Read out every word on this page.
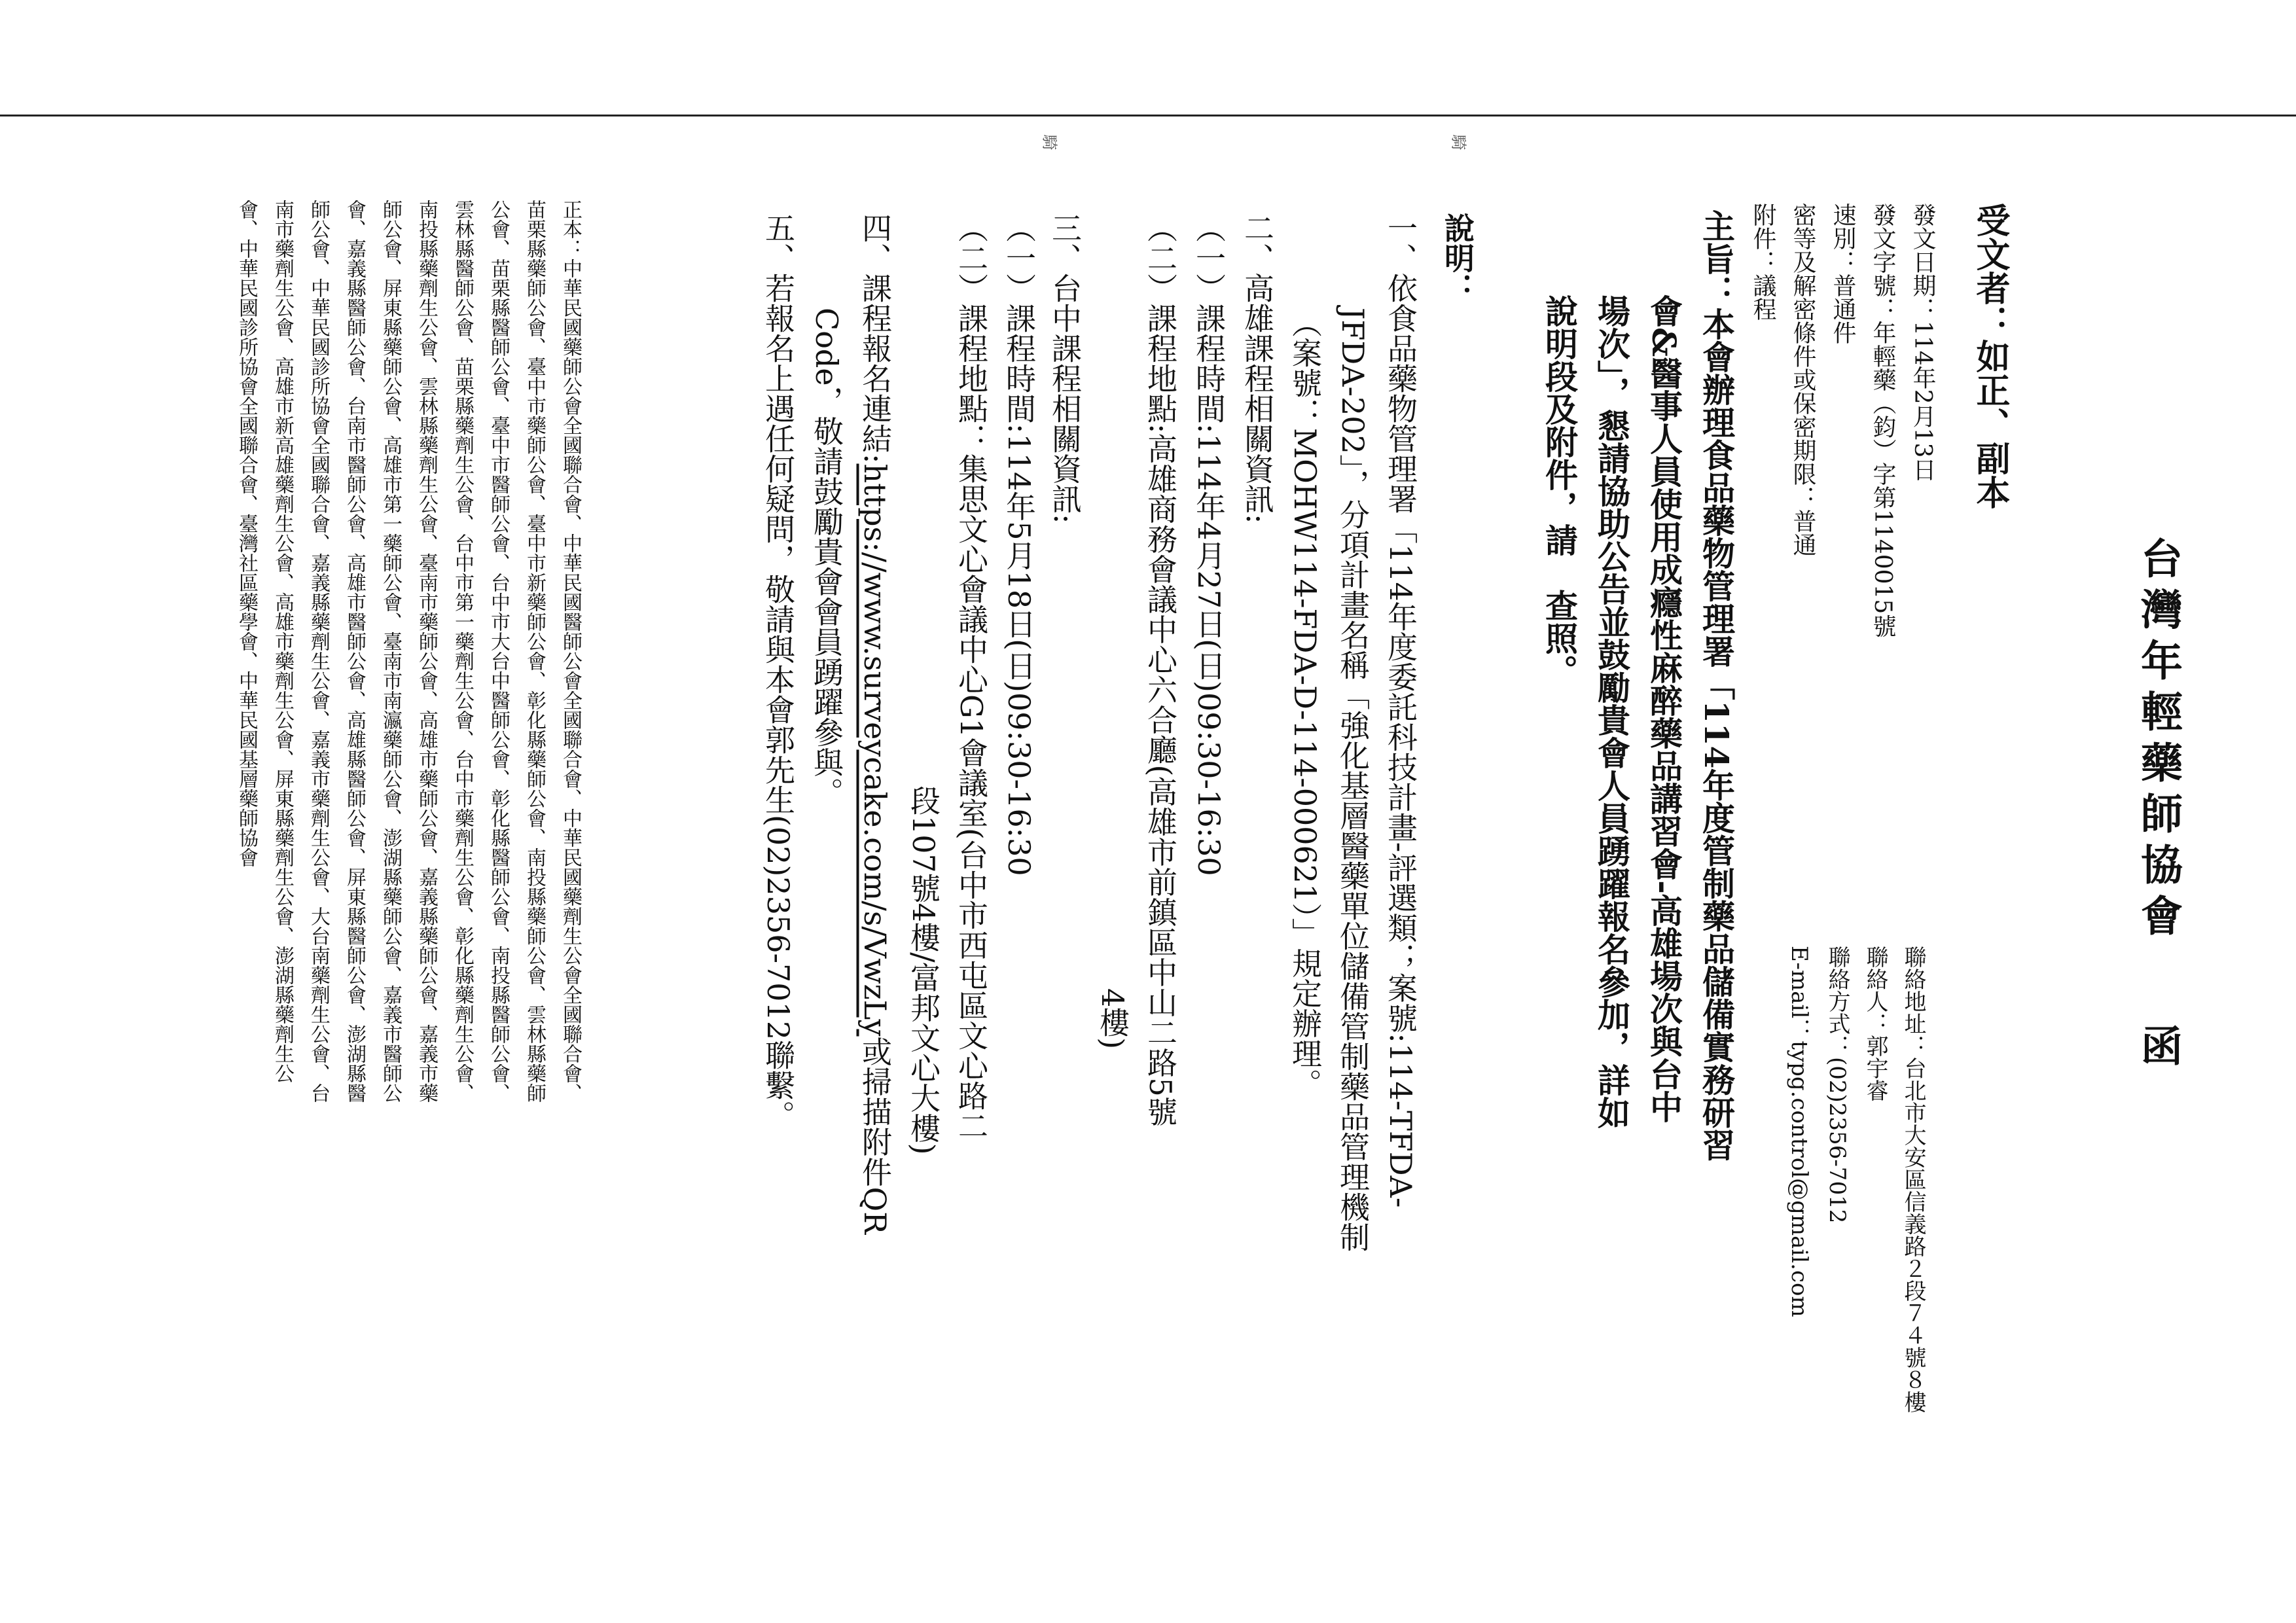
騎
騎
台灣年輕藥師協會 函
聯絡地址：台北市大安區信義路２段７４號８樓
聯絡人：郭宇睿
聯絡方式：(02)2356-7012
E-mail：typg.control@gmail.com
受文者：如正、副本
發文日期：114年2月13日
發文字號：年輕藥（鈞）字第1140015號
速別：普通件
密等及解密條件或保密期限：普通
附件：議程
主旨：本會辦理食品藥物管理署「114年度管制藥品儲備實務研習
會&醫事人員使用成癮性麻醉藥品講習會-高雄場次與台中
場次」，懇請協助公告並鼓勵貴會人員踴躍報名參加，詳如
說明段及附件，請　查照。
說明：
一、依食品藥物管理署「114年度委託科技計畫-評選類；案號:114-TFDA-
JFDA-202」，分項計畫名稱「強化基層醫藥單位儲備管制藥品管理機制
（案號：MOHW114-FDA-D-114-000621）」規定辦理。
二、高雄課程相關資訊:
（一）課程時間:114年4月27日(日)09:30-16:30
（二）課程地點:高雄商務會議中心六合廳(高雄市前鎮區中山二路5號
4樓)
三、台中課程相關資訊:
（一）課程時間:114年5月18日(日)09:30-16:30
（二）課程地點：集思文心會議中心G1會議室(台中市西屯區文心路二
段107號4樓/富邦文心大樓)
四、課程報名連結:https://www.surveycake.com/s/VwzLy或掃描附件QR
Code，敬請鼓勵貴會會員踴躍參與。
五、若報名上遇任何疑問，敬請與本會郭先生(02)2356-7012聯繫。
正本：中華民國藥師公會全國聯合會、中華民國醫師公會全國聯合會、中華民國藥劑生公會全國聯合會、
苗栗縣藥師公會、臺中市藥師公會、臺中市新藥師公會、彰化縣藥師公會、南投縣藥師公會、雲林縣藥師
公會、苗栗縣醫師公會、臺中市醫師公會、台中市大台中醫師公會、彰化縣醫師公會、南投縣醫師公會、
雲林縣醫師公會、苗栗縣藥劑生公會、台中市第一藥劑生公會、台中市藥劑生公會、彰化縣藥劑生公會、
南投縣藥劑生公會、雲林縣藥劑生公會、臺南市藥師公會、高雄市藥師公會、嘉義縣藥師公會、嘉義市藥
師公會、屏東縣藥師公會、高雄市第一藥師公會、臺南市南瀛藥師公會、澎湖縣藥師公會、嘉義市醫師公
會、嘉義縣醫師公會、台南市醫師公會、高雄市醫師公會、高雄縣醫師公會、屏東縣醫師公會、澎湖縣醫
師公會、中華民國診所協會全國聯合會、嘉義縣藥劑生公會、嘉義市藥劑生公會、大台南藥劑生公會、台
南市藥劑生公會、高雄市新高雄藥劑生公會、高雄市藥劑生公會、屏東縣藥劑生公會、澎湖縣藥劑生公
會、中華民國診所協會全國聯合會、臺灣社區藥學會、中華民國基層藥師協會
